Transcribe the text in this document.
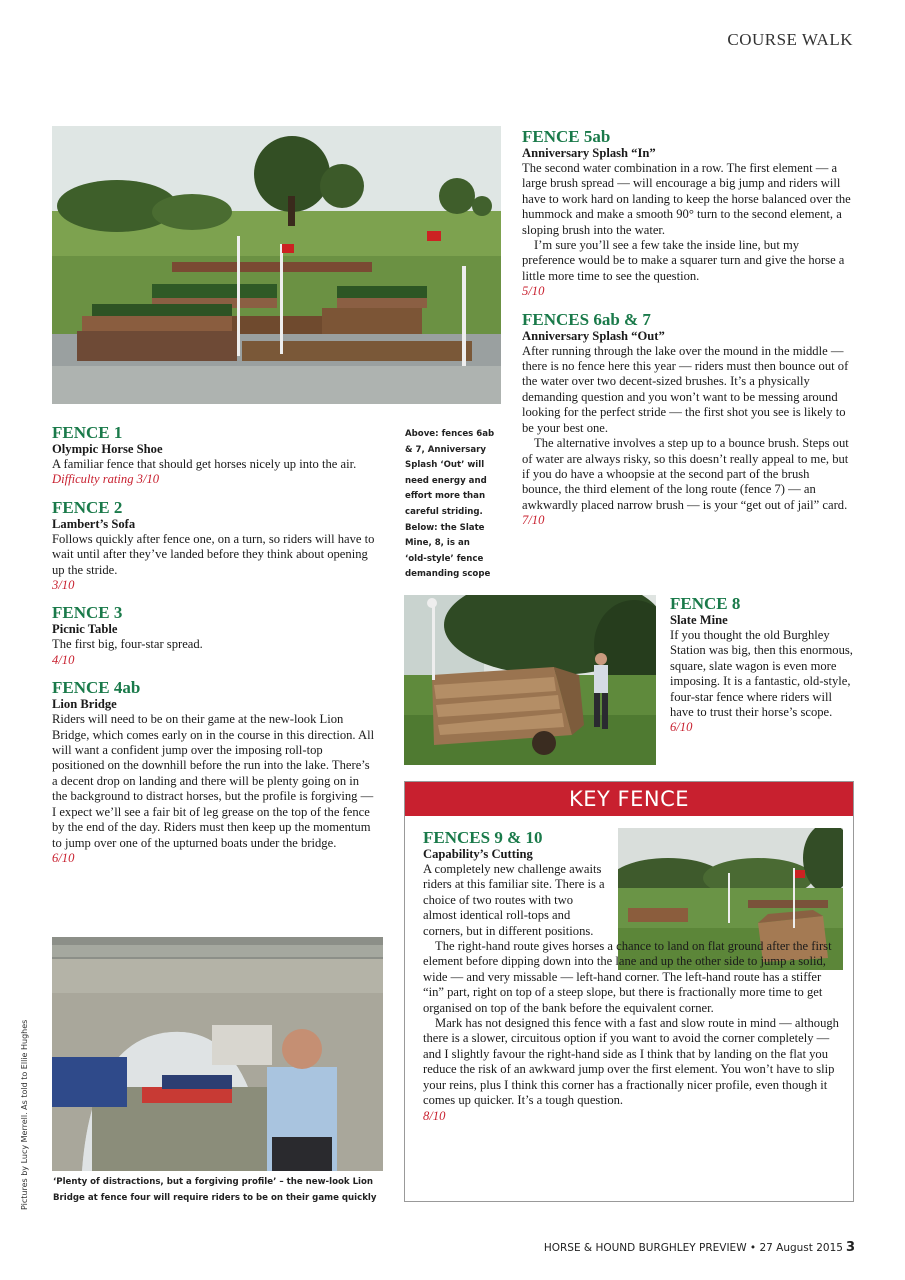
COURSE WALK
FENCE 1
Olympic Horse Shoe

A familiar fence that should get horses nicely up into the air.

Difficulty rating 3/10

FENCE 2
Lambert’s Sofa

Follows quickly after fence one, on a turn, so riders will have to wait until after they’ve landed before they think about opening up the stride.

3/10

FENCE 3
Picnic Table

The first big, four-star spread.

4/10

FENCE 4ab
Lion Bridge

Riders will need to be on their game at the new-look Lion Bridge, which comes early on in the course in this direction. All will want a confident jump over the imposing roll-top positioned on the downhill before the run into the lake. There’s a decent drop on landing and there will be plenty going on in the background to distract horses, but the profile is forgiving — I expect we’ll see a fair bit of leg grease on the top of the fence by the end of the day. Riders must then keep up the momentum to jump over one of the upturned boats under the bridge.

6/10

Above: fences 6ab
& 7, Anniversary
Splash ‘Out’ will
need energy and
effort more than
careful striding.
Below: the Slate
Mine, 8, is an
‘old-style’ fence
demanding scope
FENCE 5ab
Anniversary Splash “In”

The second water combination in a row. The first element — a large brush spread — will encourage a big jump and riders will have to work hard on landing to keep the horse balanced over the hummock and make a smooth 90° turn to the second element, a sloping brush into the water.

I’m sure you’ll see a few take the inside line, but my preference would be to make a squarer turn and give the horse a little more time to see the question.

5/10

FENCES 6ab & 7
Anniversary Splash “Out”

After running through the lake over the mound in the middle — there is no fence here this year — riders must then bounce out of the water over two decent-sized brushes. It’s a physically demanding question and you won’t want to be messing around looking for the perfect stride — the first shot you see is likely to be your best one.

The alternative involves a step up to a bounce brush. Steps out of water are always risky, so this doesn’t really appeal to me, but if you do have a whoopsie at the second part of the brush bounce, the third element of the long route (fence 7) — an awkwardly placed narrow brush — is your “get out of jail” card.

7/10

FENCE 8
Slate Mine

If you thought the old Burghley Station was big, then this enormous, square, slate wagon is even more imposing. It is a fantastic, old-style, four-star fence where riders will have to trust their horse’s scope.

6/10

KEY FENCE
FENCES 9 & 10
Capability’s Cutting

A completely new challenge awaits riders at this familiar site. There is a choice of two routes with two almost identical roll-tops and corners, but in different positions.

The right-hand route gives horses a chance to land on flat ground after the first element before dipping down into the lane and up the other side to jump a solid, wide — and very missable — left-hand corner. The left-hand route has a stiffer “in” part, right on top of a steep slope, but there is fractionally more time to get organised on top of the bank before the equivalent corner.

Mark has not designed this fence with a fast and slow route in mind — although there is a slower, circuitous option if you want to avoid the corner completely — and I slightly favour the right-hand side as I think that by landing on the flat you reduce the risk of an awkward jump over the first element. You won’t have to slip your reins, plus I think this corner has a fractionally nicer profile, even though it comes up quicker. It’s a tough question.

8/10

‘Plenty of distractions, but a forgiving profile’ – the new-look Lion
Bridge at fence four will require riders to be on their game quickly
Pictures by Lucy Merrell. As told to Ellie Hughes
HORSE & HOUND BURGHLEY PREVIEW • 27 August 2015 3
